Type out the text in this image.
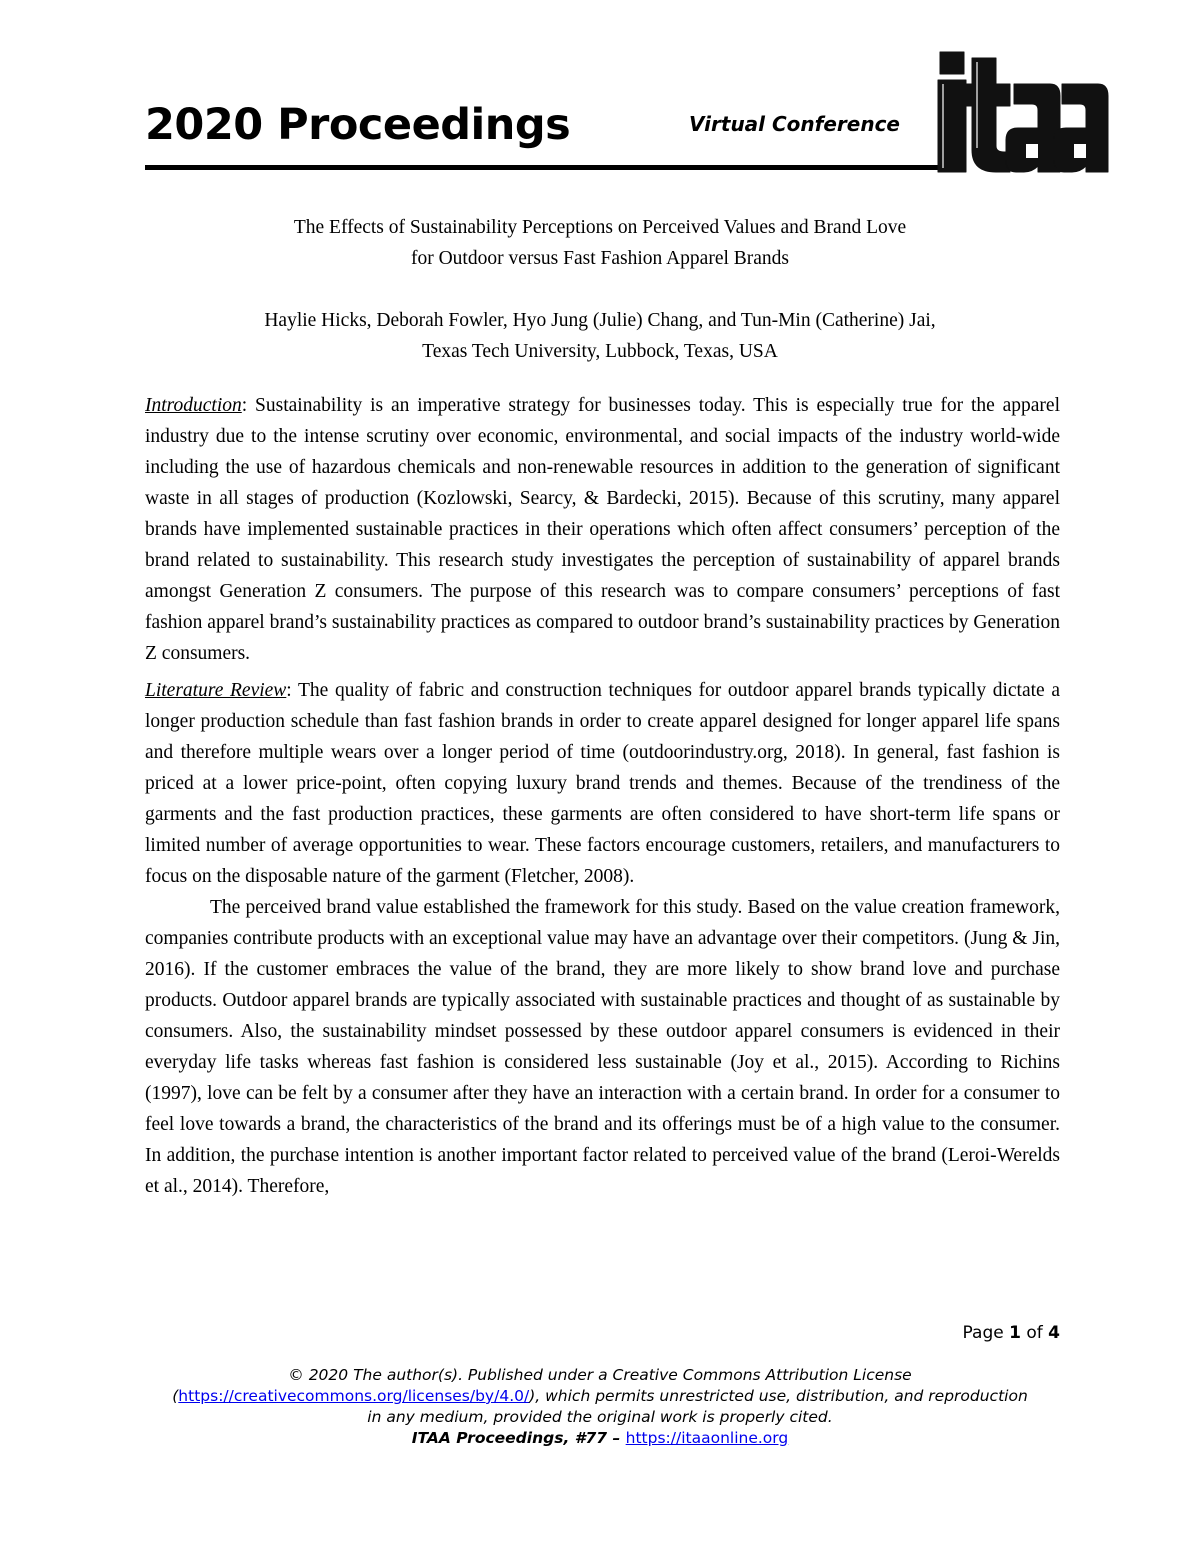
2020 Proceedings	Virtual Conference
The Effects of Sustainability Perceptions on Perceived Values and Brand Love
for Outdoor versus Fast Fashion Apparel Brands
Haylie Hicks, Deborah Fowler, Hyo Jung (Julie) Chang, and Tun-Min (Catherine) Jai,
Texas Tech University, Lubbock, Texas, USA

Introduction: Sustainability is an imperative strategy for businesses today. This is especially true for the apparel industry due to the intense scrutiny over economic, environmental, and social impacts of the industry world-wide including the use of hazardous chemicals and non-renewable resources in addition to the generation of significant waste in all stages of production (Kozlowski, Searcy, & Bardecki, 2015). Because of this scrutiny, many apparel brands have implemented sustainable practices in their operations which often affect consumers’ perception of the brand related to sustainability. This research study investigates the perception of sustainability of apparel brands amongst Generation Z consumers. The purpose of this research was to compare consumers’ perceptions of fast fashion apparel brand’s sustainability practices as compared to outdoor brand’s sustainability practices by Generation Z consumers.

Literature Review: The quality of fabric and construction techniques for outdoor apparel brands typically dictate a longer production schedule than fast fashion brands in order to create apparel designed for longer apparel life spans and therefore multiple wears over a longer period of time (outdoorindustry.org, 2018). In general, fast fashion is priced at a lower price-point, often copying luxury brand trends and themes. Because of the trendiness of the garments and the fast production practices, these garments are often considered to have short-term life spans or limited number of average opportunities to wear. These factors encourage customers, retailers, and manufacturers to focus on the disposable nature of the garment (Fletcher, 2008).

The perceived brand value established the framework for this study. Based on the value creation framework, companies contribute products with an exceptional value may have an advantage over their competitors. (Jung & Jin, 2016). If the customer embraces the value of the brand, they are more likely to show brand love and purchase products. Outdoor apparel brands are typically associated with sustainable practices and thought of as sustainable by consumers. Also, the sustainability mindset possessed by these outdoor apparel consumers is evidenced in their everyday life tasks whereas fast fashion is considered less sustainable (Joy et al., 2015). According to Richins (1997), love can be felt by a consumer after they have an interaction with a certain brand. In order for a consumer to feel love towards a brand, the characteristics of the brand and its offerings must be of a high value to the consumer. In addition, the purchase intention is another important factor related to perceived value of the brand (Leroi-Werelds et al., 2014). Therefore,

Page 1 of 4
© 2020 The author(s). Published under a Creative Commons Attribution License
(https://creativecommons.org/licenses/by/4.0/), which permits unrestricted use, distribution, and reproduction
in any medium, provided the original work is properly cited.
ITAA Proceedings, #77 – https://itaaonline.org
